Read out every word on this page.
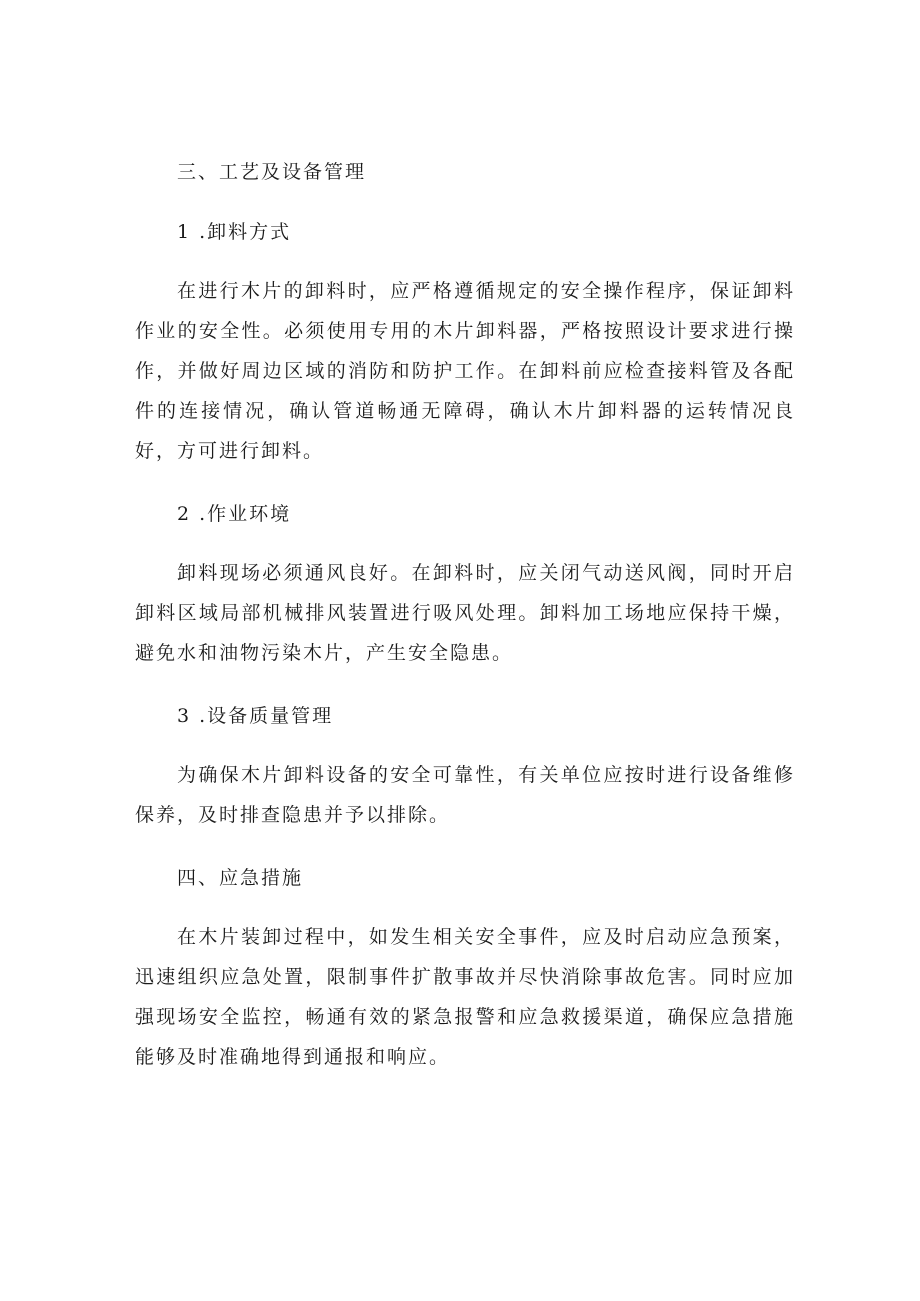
三、工艺及设备管理
1 .卸料方式

在进行木片的卸料时，应严格遵循规定的安全操作程序，保证卸料作业的安全性。必须使用专用的木片卸料器，严格按照设计要求进行操作，并做好周边区域的消防和防护工作。在卸料前应检查接料管及各配件的连接情况，确认管道畅通无障碍，确认木片卸料器的运转情况良好，方可进行卸料。

2 .作业环境

卸料现场必须通风良好。在卸料时，应关闭气动送风阀，同时开启卸料区域局部机械排风装置进行吸风处理。卸料加工场地应保持干燥，避免水和油物污染木片，产生安全隐患。

3 .设备质量管理

为确保木片卸料设备的安全可靠性，有关单位应按时进行设备维修保养，及时排查隐患并予以排除。

四、应急措施

在木片装卸过程中，如发生相关安全事件，应及时启动应急预案，迅速组织应急处置，限制事件扩散事故并尽快消除事故危害。同时应加强现场安全监控，畅通有效的紧急报警和应急救援渠道，确保应急措施能够及时准确地得到通报和响应。
